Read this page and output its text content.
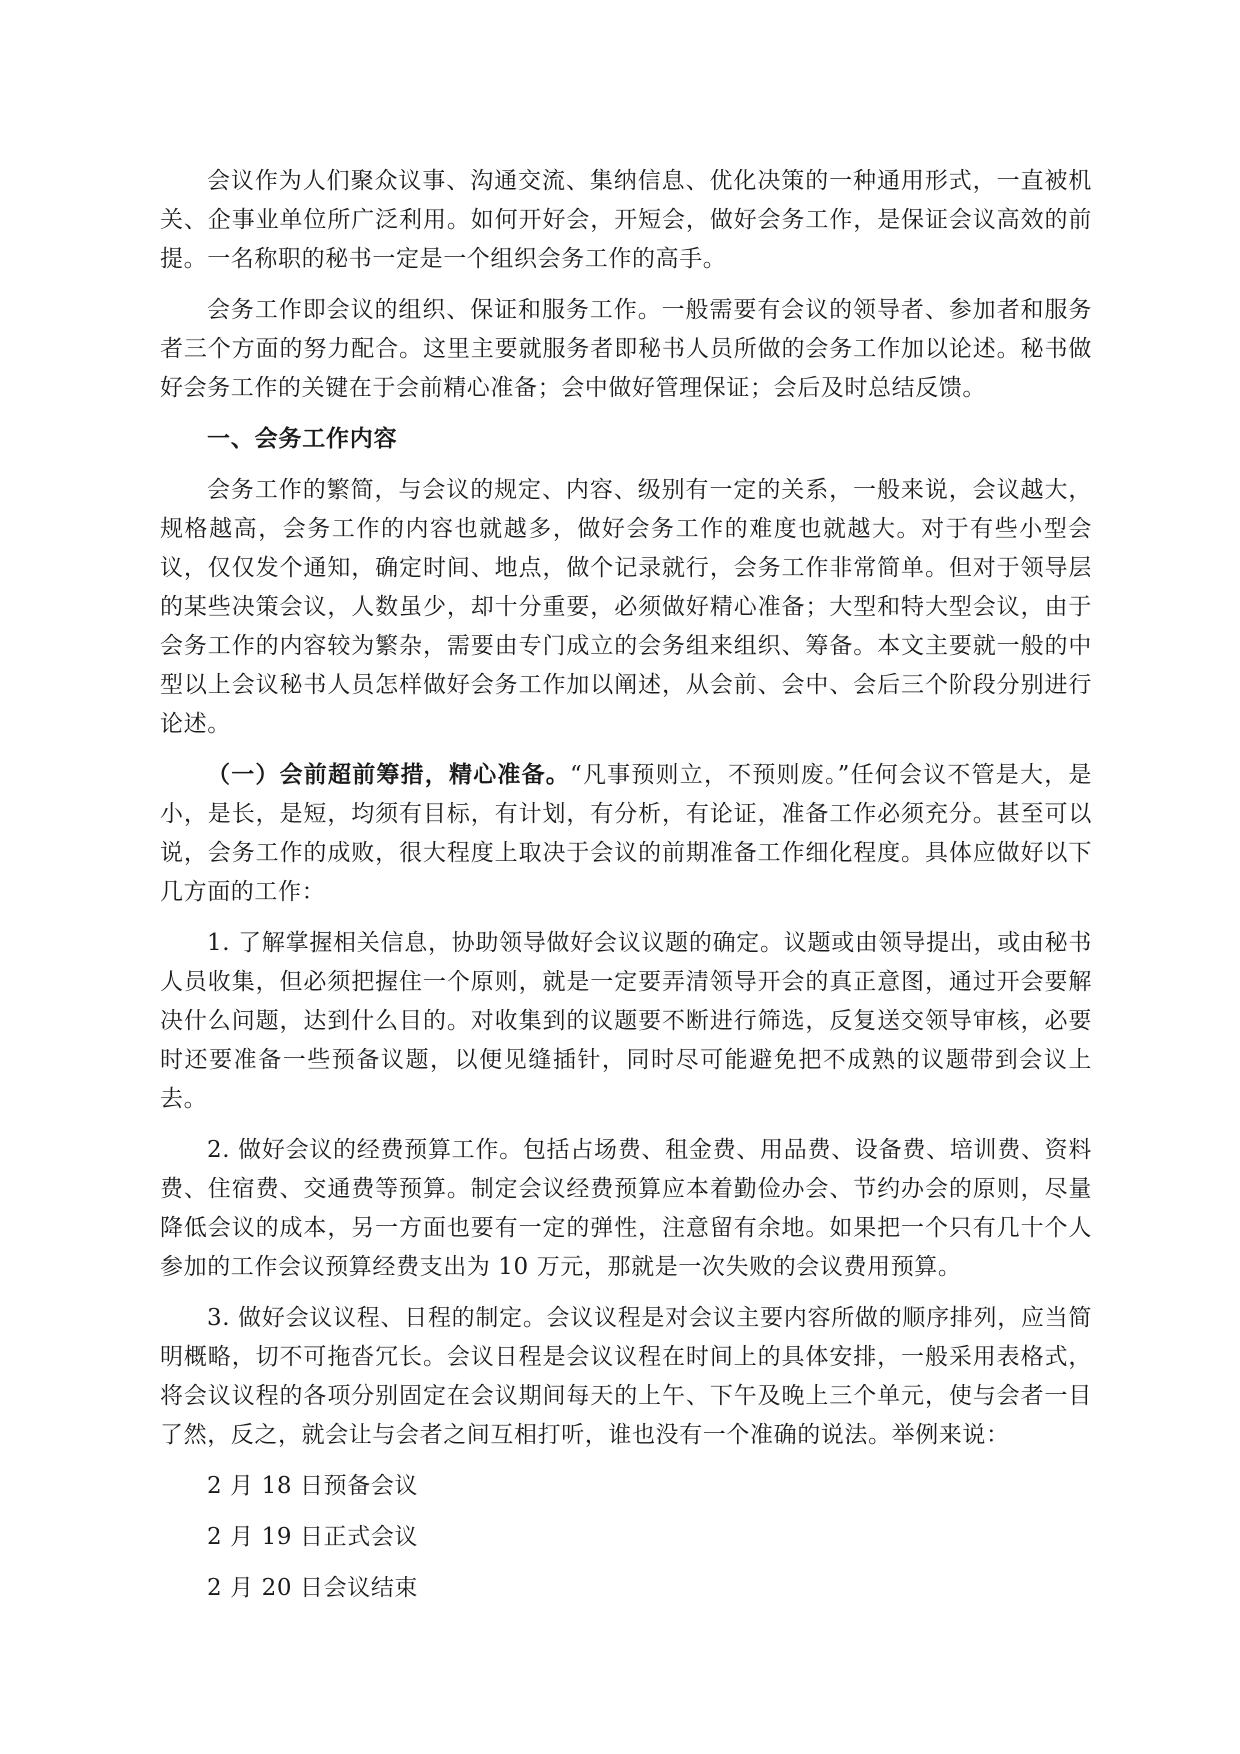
会议作为人们聚众议事、沟通交流、集纳信息、优化决策的一种通用形式，一直被机关、企事业单位所广泛利用。如何开好会，开短会，做好会务工作，是保证会议高效的前提。一名称职的秘书一定是一个组织会务工作的高手。

会务工作即会议的组织、保证和服务工作。一般需要有会议的领导者、参加者和服务者三个方面的努力配合。这里主要就服务者即秘书人员所做的会务工作加以论述。秘书做好会务工作的关键在于会前精心准备；会中做好管理保证；会后及时总结反馈。

一、会务工作内容

会务工作的繁简，与会议的规定、内容、级别有一定的关系，一般来说，会议越大，规格越高，会务工作的内容也就越多，做好会务工作的难度也就越大。对于有些小型会议，仅仅发个通知，确定时间、地点，做个记录就行，会务工作非常简单。但对于领导层的某些决策会议，人数虽少，却十分重要，必须做好精心准备；大型和特大型会议，由于会务工作的内容较为繁杂，需要由专门成立的会务组来组织、筹备。本文主要就一般的中型以上会议秘书人员怎样做好会务工作加以阐述，从会前、会中、会后三个阶段分别进行论述。

（一）会前超前筹措，精心准备。“凡事预则立，不预则废。”任何会议不管是大，是小，是长，是短，均须有目标，有计划，有分析，有论证，准备工作必须充分。甚至可以说，会务工作的成败，很大程度上取决于会议的前期准备工作细化程度。具体应做好以下几方面的工作：

1. 了解掌握相关信息，协助领导做好会议议题的确定。议题或由领导提出，或由秘书人员收集，但必须把握住一个原则，就是一定要弄清领导开会的真正意图，通过开会要解决什么问题，达到什么目的。对收集到的议题要不断进行筛选，反复送交领导审核，必要时还要准备一些预备议题，以便见缝插针，同时尽可能避免把不成熟的议题带到会议上去。

2. 做好会议的经费预算工作。包括占场费、租金费、用品费、设备费、培训费、资料费、住宿费、交通费等预算。制定会议经费预算应本着勤俭办会、节约办会的原则，尽量降低会议的成本，另一方面也要有一定的弹性，注意留有余地。如果把一个只有几十个人参加的工作会议预算经费支出为 10 万元，那就是一次失败的会议费用预算。

3. 做好会议议程、日程的制定。会议议程是对会议主要内容所做的顺序排列，应当简明概略，切不可拖沓冗长。会议日程是会议议程在时间上的具体安排，一般采用表格式，将会议议程的各项分别固定在会议期间每天的上午、下午及晚上三个单元，使与会者一目了然，反之，就会让与会者之间互相打听，谁也没有一个准确的说法。举例来说：

2 月 18 日预备会议

2 月 19 日正式会议

2 月 20 日会议结束
